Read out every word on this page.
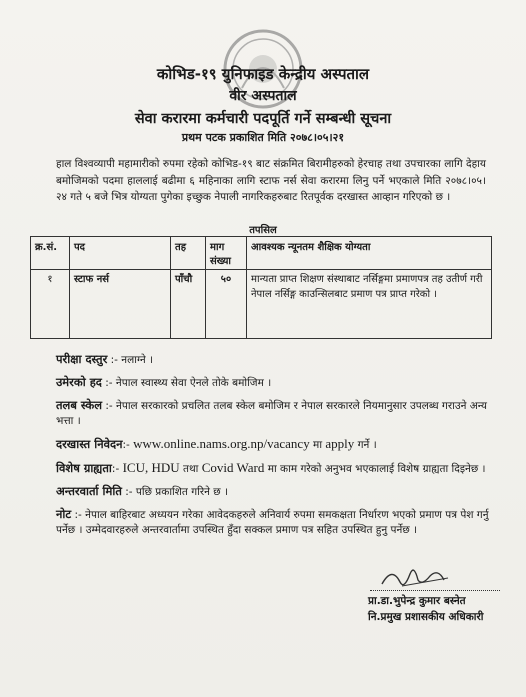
कोभिड-१९ युनिफाइड केन्द्रीय अस्पताल
वीर अस्पताल
सेवा करारमा कर्मचारी पदपूर्ति गर्ने सम्बन्धी सूचना
प्रथम पटक प्रकाशित मिति २०७८।०५।२१
हाल विश्वव्यापी महामारीको रुपमा रहेको कोभिड-१९ बाट संक्रमित बिरामीहरुको हेरचाह तथा उपचारका लागि देहाय बमोजिमको पदमा हाललाई बढीमा ६ महिनाका लागि स्टाफ नर्स सेवा करारमा लिनु पर्ने भएकाले मिति २०७८।०५।२४ गते ५ बजे भित्र योग्यता पुगेका इच्छुक नेपाली नागरिकहरुबाट रितपूर्वक दरखास्त आव्हान गरिएको छ ।
तपसिल
क्र.सं.	पद	तह	माग संख्या	आवश्यक न्यूनतम शैक्षिक योग्यता
१	स्टाफ नर्स	पाँचौ	५०	मान्यता प्राप्त शिक्षण संस्थाबाट नर्सिङ्गमा प्रमाणपत्र तह उतीर्ण गरी नेपाल नर्सिङ्ग काउन्सिलबाट प्रमाण पत्र प्राप्त गरेको ।
परीक्षा दस्तुर :- नलाग्ने ।
उमेरको हद :- नेपाल स्वास्थ्य सेवा ऐनले तोके बमोजिम ।
तलब स्केल :- नेपाल सरकारको प्रचलित तलब स्केल बमोजिम र नेपाल सरकारले नियमानुसार उपलब्ध गराउने अन्य भत्ता ।
दरखास्त निवेदन:- www.online.nams.org.np/vacancy मा apply गर्ने ।
विशेष ग्राह्यता:- ICU, HDU तथा Covid Ward मा काम गरेको अनुभव भएकालाई विशेष ग्राह्यता दिइनेछ ।
अन्तरवार्ता मिति :- पछि प्रकाशित गरिने छ ।
नोट :- नेपाल बाहिरबाट अध्ययन गरेका आवेदकहरुले अनिवार्य रुपमा समकक्षता निर्धारण भएको प्रमाण पत्र पेश गर्नु पर्नेछ । उम्मेदवारहरुले अन्तरवार्तामा उपस्थित हुँदा सक्कल प्रमाण पत्र सहित उपस्थित हुनु पर्नेछ ।
प्रा.डा.भुपेन्द्र कुमार बस्नेत
नि.प्रमुख प्रशासकीय अधिकारी
